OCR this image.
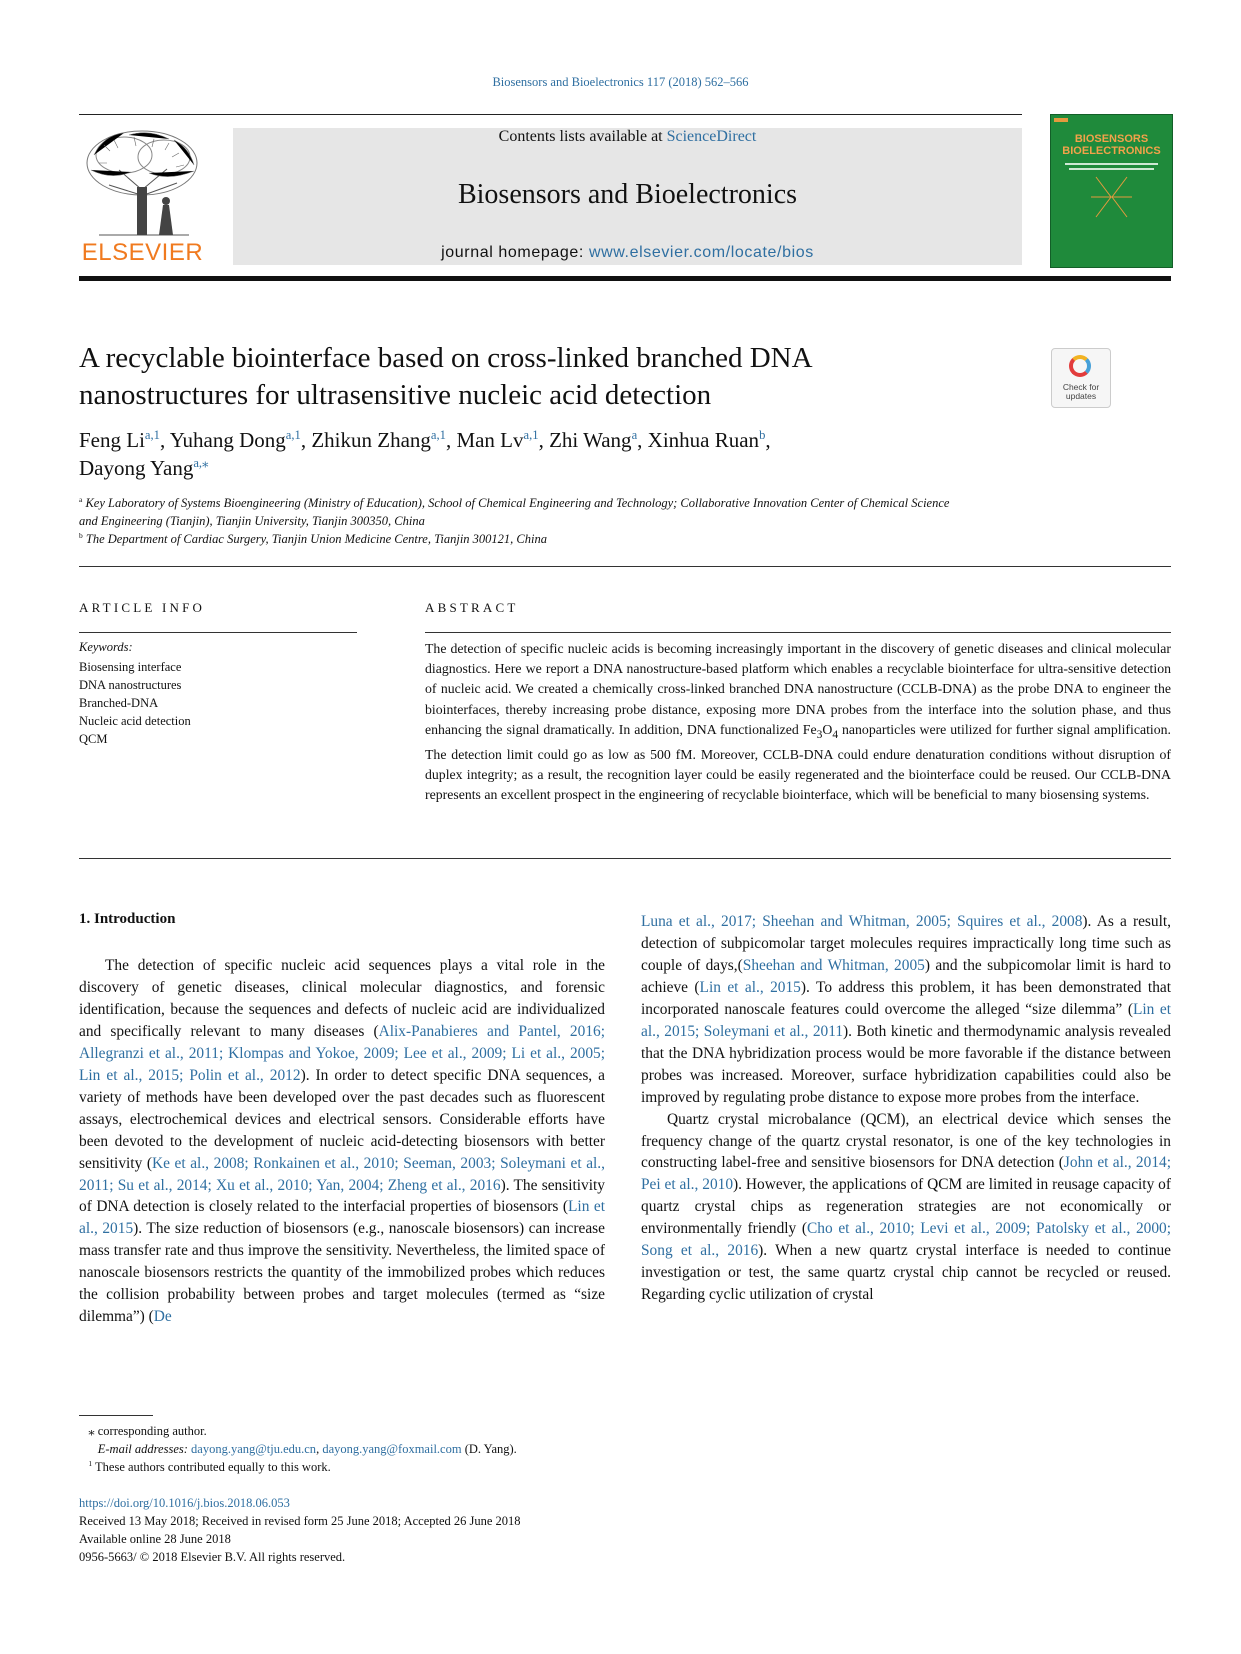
Biosensors and Bioelectronics 117 (2018) 562–566
ELSEVIER
Contents lists available at ScienceDirect
Biosensors and Bioelectronics
journal homepage: www.elsevier.com/locate/bios
BIOSENSORS BIOELECTRONICS
A recyclable biointerface based on cross-linked branched DNA
nanostructures for ultrasensitive nucleic acid detection	Check for updates
Feng Li$^{a,1}$, Yuhang Dong$^{a,1}$, Zhikun Zhang$^{a,1}$, Man Lv$^{a,1}$, Zhi Wang$^a$, Xinhua Ruan$^b$,
Dayong Yang$^{a,⁎}$
$^a$ Key Laboratory of Systems Bioengineering (Ministry of Education), School of Chemical Engineering and Technology; Collaborative Innovation Center of Chemical Science
and Engineering (Tianjin), Tianjin University, Tianjin 300350, China
$^b$ The Department of Cardiac Surgery, Tianjin Union Medicine Centre, Tianjin 300121, China
ARTICLE INFO
Keywords:
Biosensing interface
DNA nanostructures
Branched-DNA
Nucleic acid detection
QCM
ABSTRACT
The detection of specific nucleic acids is becoming increasingly important in the discovery of genetic diseases and clinical molecular diagnostics. Here we report a DNA nanostructure-based platform which enables a recyclable biointerface for ultra-sensitive detection of nucleic acid. We created a chemically cross-linked branched DNA nanostructure (CCLB-DNA) as the probe DNA to engineer the biointerfaces, thereby increasing probe distance, exposing more DNA probes from the interface into the solution phase, and thus enhancing the signal dramatically. In addition, DNA functionalized $Fe_3O_4$ nanoparticles were utilized for further signal amplification. The detection limit could go as low as 500 fM. Moreover, CCLB-DNA could endure denaturation conditions without disruption of duplex integrity; as a result, the recognition layer could be easily regenerated and the biointerface could be reused. Our CCLB-DNA represents an excellent prospect in the engineering of recyclable biointerface, which will be beneficial to many biosensing systems.
1. Introduction

The detection of specific nucleic acid sequences plays a vital role in the discovery of genetic diseases, clinical molecular diagnostics, and forensic identification, because the sequences and defects of nucleic acid are individualized and specifically relevant to many diseases (Alix-Panabieres and Pantel, 2016; Allegranzi et al., 2011; Klompas and Yokoe, 2009; Lee et al., 2009; Li et al., 2005; Lin et al., 2015; Polin et al., 2012). In order to detect specific DNA sequences, a variety of methods have been developed over the past decades such as fluorescent assays, electrochemical devices and electrical sensors. Considerable efforts have been devoted to the development of nucleic acid-detecting biosensors with better sensitivity (Ke et al., 2008; Ronkainen et al., 2010; Seeman, 2003; Soleymani et al., 2011; Su et al., 2014; Xu et al., 2010; Yan, 2004; Zheng et al., 2016). The sensitivity of DNA detection is closely related to the interfacial properties of biosensors (Lin et al., 2015). The size reduction of biosensors (e.g., nanoscale biosensors) can increase mass transfer rate and thus improve the sensitivity. Nevertheless, the limited space of nanoscale biosensors restricts the quantity of the immobilized probes which reduces the collision probability between probes and target molecules (termed as “size dilemma”) (De

Luna et al., 2017; Sheehan and Whitman, 2005; Squires et al., 2008). As a result, detection of subpicomolar target molecules requires impractically long time such as couple of days,(Sheehan and Whitman, 2005) and the subpicomolar limit is hard to achieve (Lin et al., 2015). To address this problem, it has been demonstrated that incorporated nanoscale features could overcome the alleged “size dilemma” (Lin et al., 2015; Soleymani et al., 2011). Both kinetic and thermodynamic analysis revealed that the DNA hybridization process would be more favorable if the distance between probes was increased. Moreover, surface hybridization capabilities could also be improved by regulating probe distance to expose more probes from the interface.

Quartz crystal microbalance (QCM), an electrical device which senses the frequency change of the quartz crystal resonator, is one of the key technologies in constructing label-free and sensitive biosensors for DNA detection (John et al., 2014; Pei et al., 2010). However, the applications of QCM are limited in reusage capacity of quartz crystal chips as regeneration strategies are not economically or environmentally friendly (Cho et al., 2010; Levi et al., 2009; Patolsky et al., 2000; Song et al., 2016). When a new quartz crystal interface is needed to continue investigation or test, the same quartz crystal chip cannot be recycled or reused. Regarding cyclic utilization of crystal

⁎ corresponding author.
E-mail addresses: dayong.yang@tju.edu.cn, dayong.yang@foxmail.com (D. Yang).
$^1$ These authors contributed equally to this work.
https://doi.org/10.1016/j.bios.2018.06.053
Received 13 May 2018; Received in revised form 25 June 2018; Accepted 26 June 2018
Available online 28 June 2018
0956-5663/ © 2018 Elsevier B.V. All rights reserved.
